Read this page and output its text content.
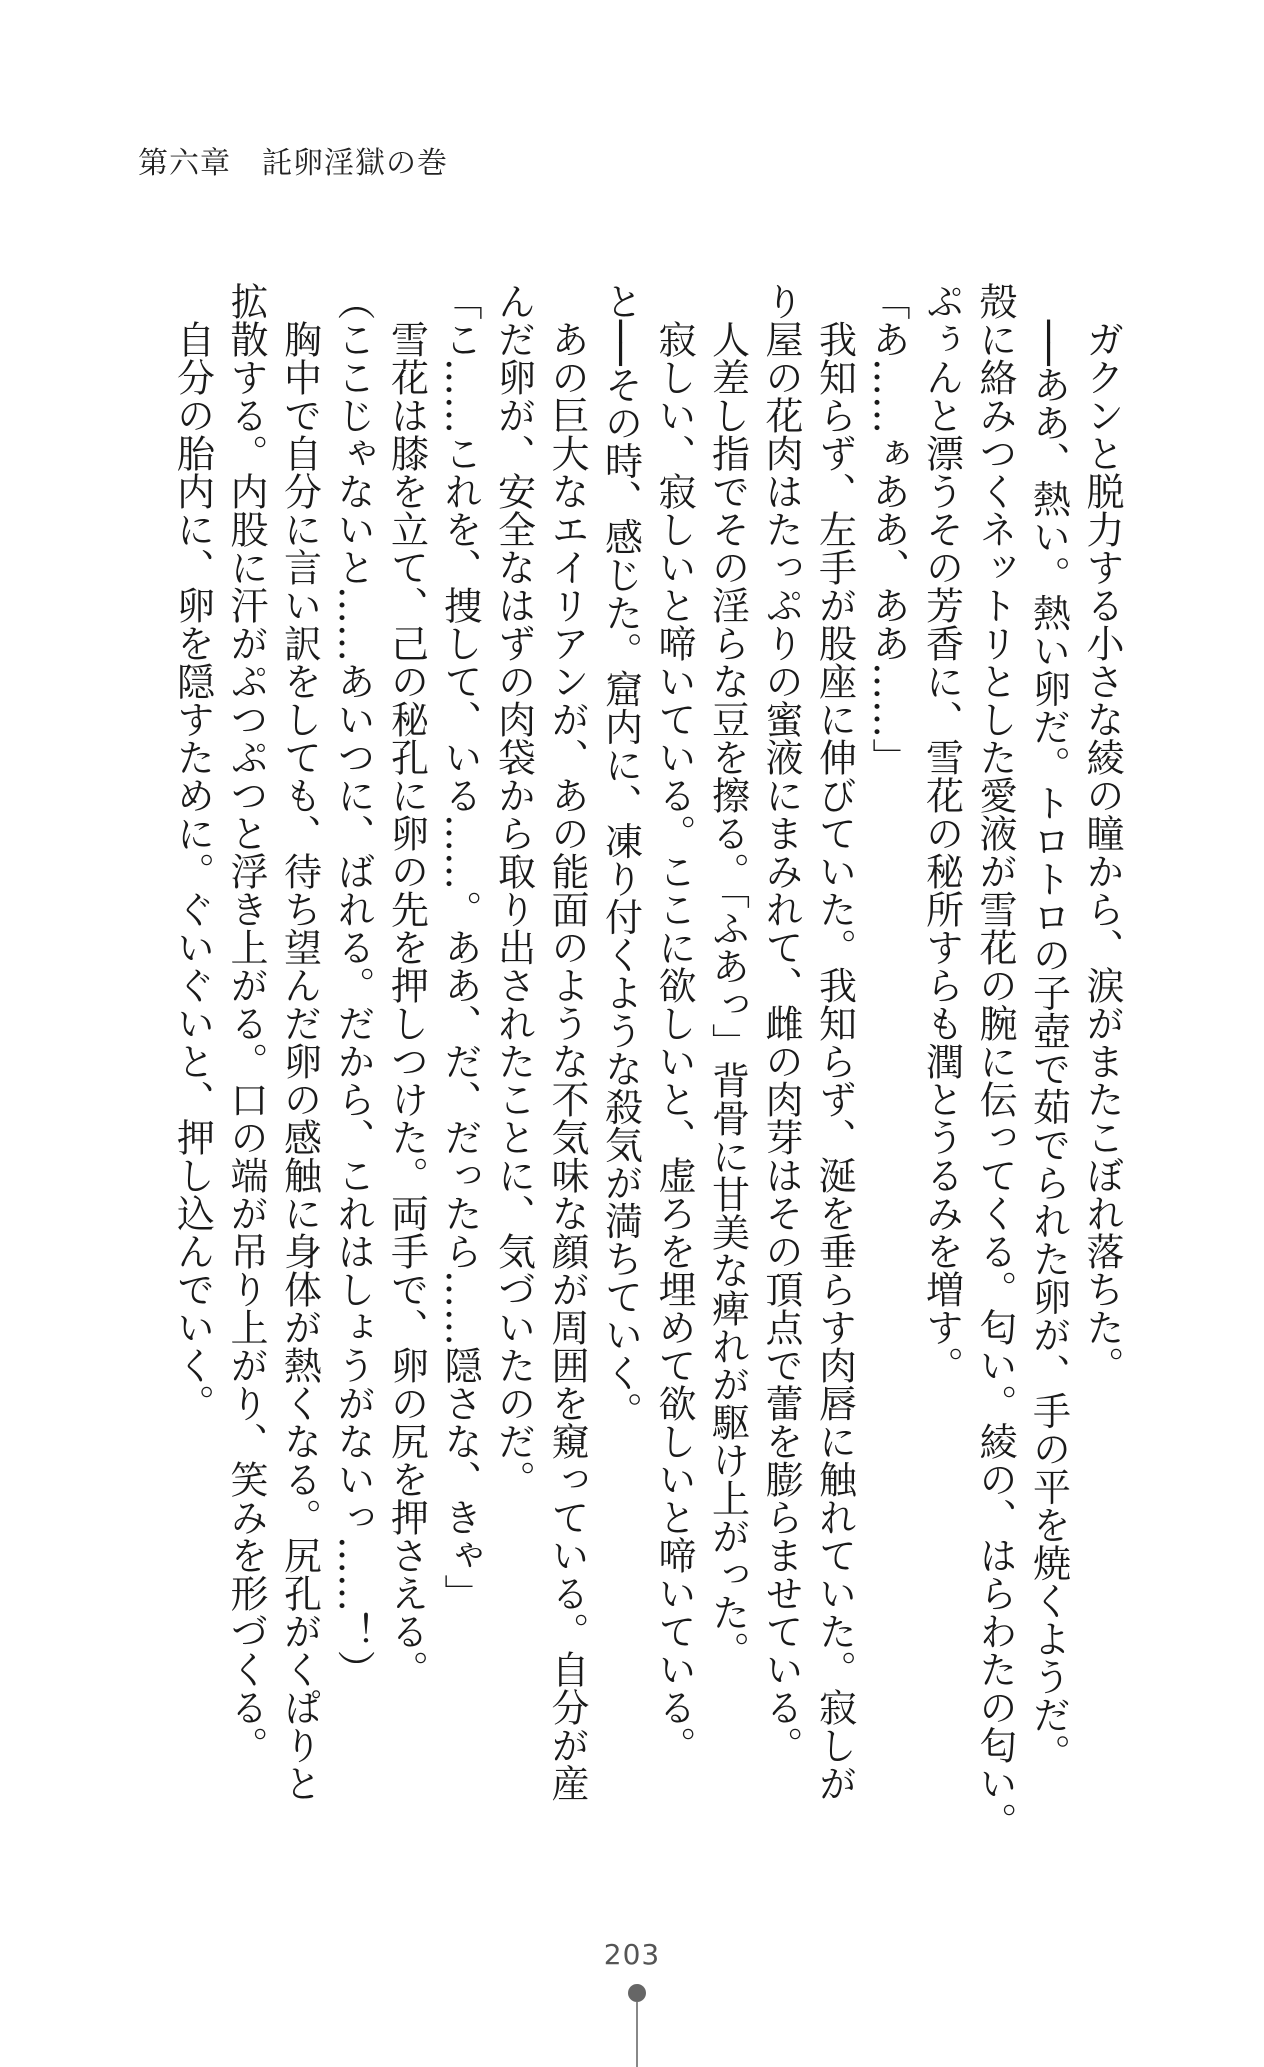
第六章　託卵淫獄の巻
　ガクンと脱力する小さな綾の瞳から、涙がまたこぼれ落ちた。
　──ああ、熱い。熱い卵だ。トロトロの子壺で茹でられた卵が、手の平を焼くようだ。
殻に絡みつくネットリとした愛液が雪花の腕に伝ってくる。匂い。綾の、はらわたの匂い。
ぷぅんと漂うその芳香に、雪花の秘所すらも潤とうるみを増す。
「あ……ぁああ、ああ……」
　我知らず、左手が股座に伸びていた。我知らず、涎を垂らす肉唇に触れていた。寂しが
り屋の花肉はたっぷりの蜜液にまみれて、雌の肉芽はその頂点で蕾を膨らませている。
　人差し指でその淫らな豆を擦る。「ふあっ」背骨に甘美な痺れが駆け上がった。
　寂しい、寂しいと啼いている。ここに欲しいと、虚ろを埋めて欲しいと啼いている。
と──その時、感じた。窟内に、凍り付くような殺気が満ちていく。
　あの巨大なエイリアンが、あの能面のような不気味な顔が周囲を窺っている。自分が産
んだ卵が、安全なはずの肉袋から取り出されたことに、気づいたのだ。
「こ……これを、捜して、いる……。ああ、だ、だったら……隠さな、きゃ」
　雪花は膝を立て、己の秘孔に卵の先を押しつけた。両手で、卵の尻を押さえる。
（ここじゃないと……あいつに、ばれる。だから、これはしょうがないっ……！）
　胸中で自分に言い訳をしても、待ち望んだ卵の感触に身体が熱くなる。尻孔がくぱりと
拡散する。内股に汗がぷつぷつと浮き上がる。口の端が吊り上がり、笑みを形づくる。
　自分の胎内に、卵を隠すために。ぐいぐいと、押し込んでいく。
203
